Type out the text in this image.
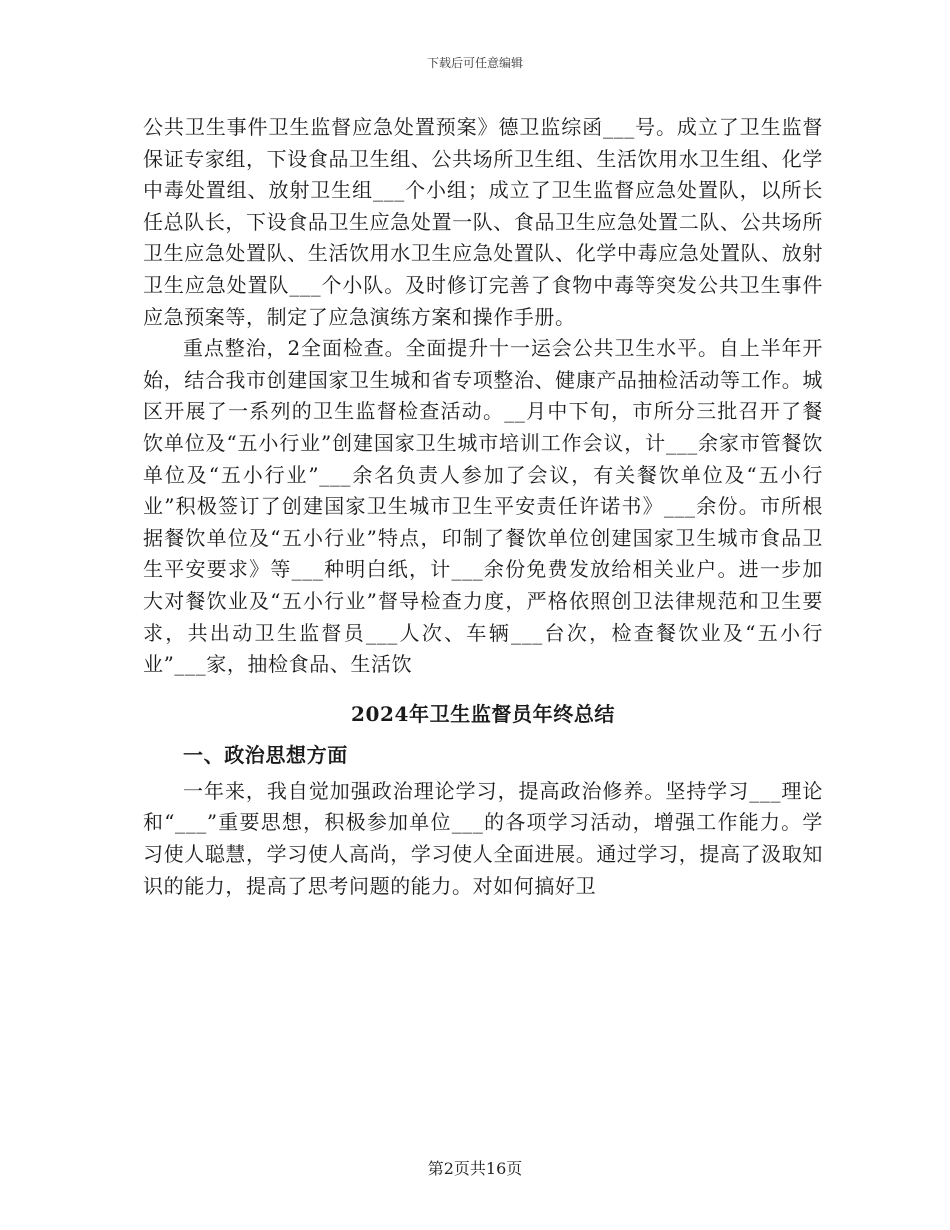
下载后可任意编辑

公共卫生事件卫生监督应急处置预案》德卫监综函___号。成立了卫生监督保证专家组，下设食品卫生组、公共场所卫生组、生活饮用水卫生组、化学中毒处置组、放射卫生组___个小组；成立了卫生监督应急处置队，以所长任总队长，下设食品卫生应急处置一队、食品卫生应急处置二队、公共场所卫生应急处置队、生活饮用水卫生应急处置队、化学中毒应急处置队、放射卫生应急处置队___个小队。及时修订完善了食物中毒等突发公共卫生事件应急预案等，制定了应急演练方案和操作手册。

重点整治，2全面检查。全面提升十一运会公共卫生水平。自上半年开始，结合我市创建国家卫生城和省专项整治、健康产品抽检活动等工作。城区开展了一系列的卫生监督检查活动。__月中下旬，市所分三批召开了餐饮单位及“五小行业”创建国家卫生城市培训工作会议，计___余家市管餐饮单位及“五小行业”___余名负责人参加了会议，有关餐饮单位及“五小行业”积极签订了创建国家卫生城市卫生平安责任许诺书》___余份。市所根据餐饮单位及“五小行业”特点，印制了餐饮单位创建国家卫生城市食品卫生平安要求》等___种明白纸，计___余份免费发放给相关业户。进一步加大对餐饮业及“五小行业”督导检查力度，严格依照创卫法律规范和卫生要求，共出动卫生监督员___人次、车辆___台次，检查餐饮业及“五小行业”___家，抽检食品、生活饮

2024年卫生监督员年终总结

一、政治思想方面

一年来，我自觉加强政治理论学习，提高政治修养。坚持学习___理论和“___”重要思想，积极参加单位___的各项学习活动，增强工作能力。学习使人聪慧，学习使人高尚，学习使人全面进展。通过学习，提高了汲取知识的能力，提高了思考问题的能力。对如何搞好卫

第2页共16页
